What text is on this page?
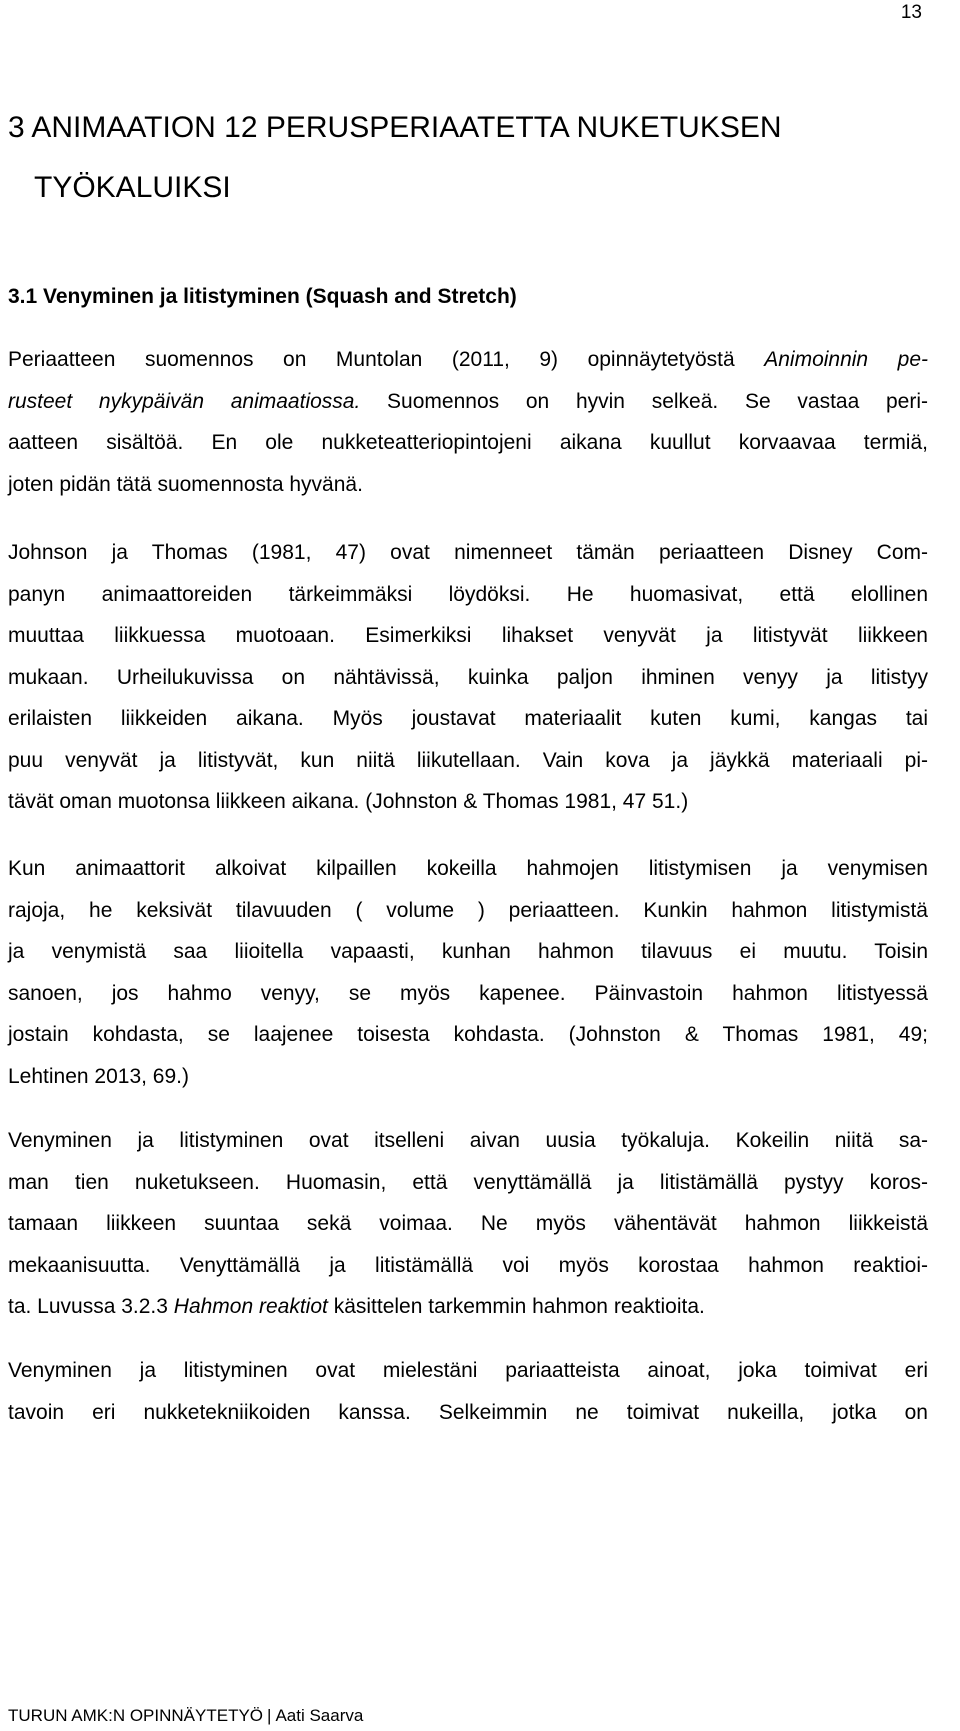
13
3 ANIMAATION 12 PERUSPERIAATETTA NUKETUKSEN
TYÖKALUIKSI
3.1 Venyminen ja litistyminen (Squash and Stretch)

Periaatteen suomennos on Muntolan (2011, 9) opinnäytetyöstä Animoinnin pe-
rusteet nykypäivän animaatiossa. Suomennos on hyvin selkeä. Se vastaa peri-
aatteen sisältöä. En ole nukketeatteriopintojeni aikana kuullut korvaavaa termiä,
joten pidän tätä suomennosta hyvänä.

Johnson ja Thomas (1981, 47) ovat nimenneet tämän periaatteen Disney Com-
panyn animaattoreiden tärkeimmäksi löydöksi. He huomasivat, että elollinen
muuttaa liikkuessa muotoaan. Esimerkiksi lihakset venyvät ja litistyvät liikkeen
mukaan. Urheilukuvissa on nähtävissä, kuinka paljon ihminen venyy ja litistyy
erilaisten liikkeiden aikana. Myös joustavat materiaalit kuten kumi, kangas tai
puu venyvät ja litistyvät, kun niitä liikutellaan. Vain kova ja jäykkä materiaali pi-
tävät oman muotonsa liikkeen aikana. (Johnston & Thomas 1981, 47 51.)

Kun animaattorit alkoivat kilpaillen kokeilla hahmojen litistymisen ja venymisen
rajoja, he keksivät tilavuuden ( volume ) periaatteen. Kunkin hahmon litistymistä
ja venymistä saa liioitella vapaasti, kunhan hahmon tilavuus ei muutu. Toisin
sanoen, jos hahmo venyy, se myös kapenee. Päinvastoin hahmon litistyessä
jostain kohdasta, se laajenee toisesta kohdasta. (Johnston & Thomas 1981, 49;
Lehtinen 2013, 69.)

Venyminen ja litistyminen ovat itselleni aivan uusia työkaluja. Kokeilin niitä sa-
man tien nuketukseen. Huomasin, että venyttämällä ja litistämällä pystyy koros-
tamaan liikkeen suuntaa sekä voimaa. Ne myös vähentävät hahmon liikkeistä
mekaanisuutta. Venyttämällä ja litistämällä voi myös korostaa hahmon reaktioi-
ta. Luvussa 3.2.3 Hahmon reaktiot käsittelen tarkemmin hahmon reaktioita.

Venyminen ja litistyminen ovat mielestäni pariaatteista ainoat, joka toimivat eri
tavoin eri nukketekniikoiden kanssa. Selkeimmin ne toimivat nukeilla, jotka on

TURUN AMK:N OPINNÄYTETYÖ | Aati Saarva
